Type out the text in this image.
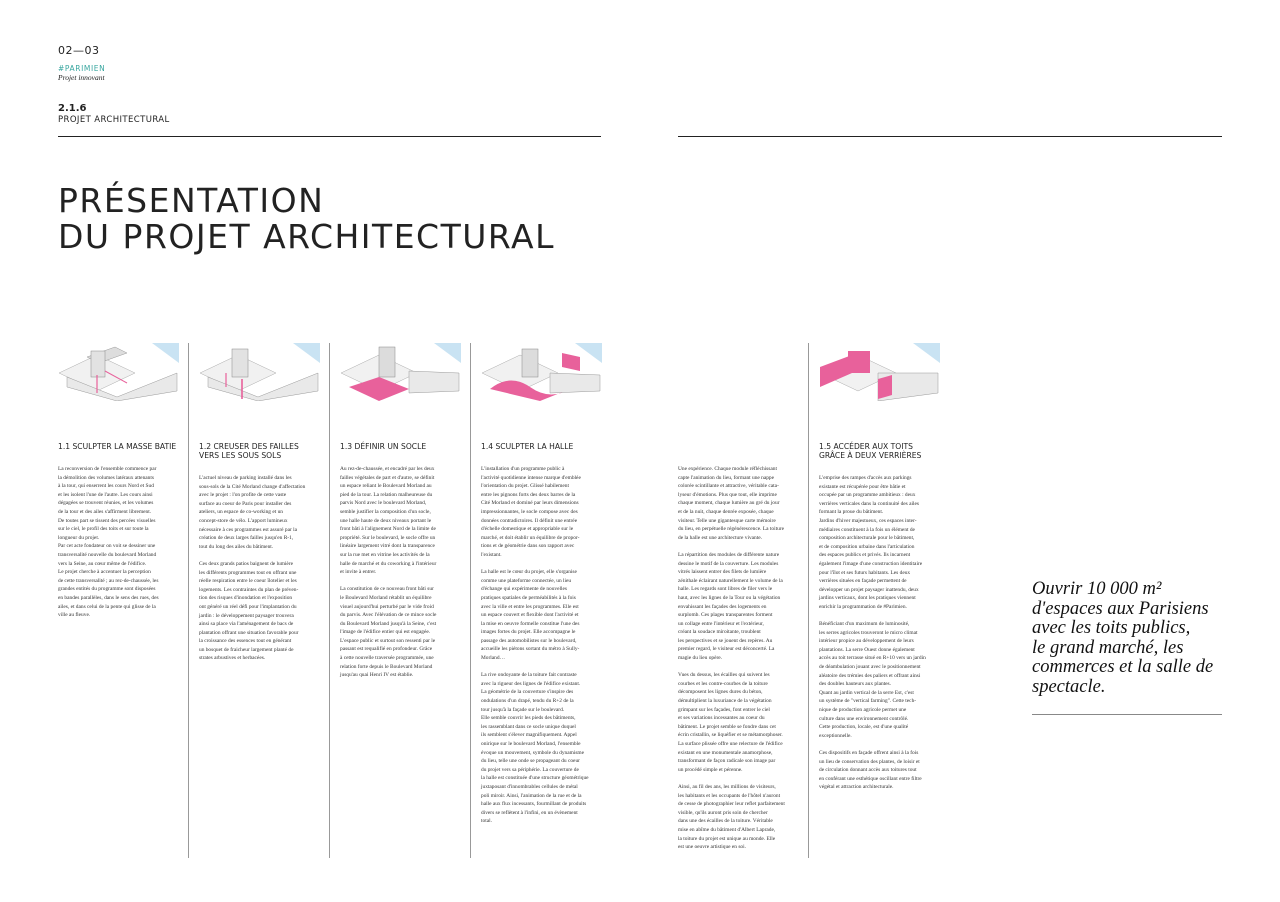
02—03
#PARIMIEN
Projet innovant
2.1.6
PROJET ARCHITECTURAL
PRÉSENTATION
DU PROJET ARCHITECTURAL
1.1 SCULPTER LA MASSE BATIE
La reconversion de l'ensemble commence par
la démolition des volumes latéraux attenants
à la tour, qui enserrent les cours Nord et Sud
et les isolent l'une de l'autre. Les cours ainsi
dégagées se trouvent réunies, et les volumes
de la tour et des ailes s'affirment librement.
De toutes part se tissent des percées visuelles
sur le ciel, le profil des toits et sur toute la
longueur du projet.
Par cet acte fondateur on voit se dessiner une
transversalité nouvelle du boulevard Morland
vers la Seine, au cœur même de l'édifice.
Le projet cherche à accentuer la perception
de cette transversalité ; au rez-de-chaussée, les
grandes entités du programme sont disposées
en bandes parallèles, dans le sens des rues, des
ailes, et dans celui de la pente qui glisse de la
ville au fleuve.
1.2 CREUSER DES FAILLES
VERS LES SOUS SOLS
L'actuel niveau de parking installé dans les
sous-sols de la Cité Morland change d'affectation
avec le projet : l'on profite de cette vaste
surface au coeur de Paris pour installer des
ateliers, un espace de co-working et un
concept-store de vélo. L'apport lumineux
nécessaire à ces programmes est assuré par la
création de deux larges failles jusqu'en R-1,
tout du long des ailes du bâtiment.

Ces deux grands patios baignent de lumière
les différents programmes tout en offrant une
réelle respiration entre le coeur îlotelier et les
logements. Les contraintes du plan de préven-
tion des risques d'inondation et l'exposition
ont généré un réel défi pour l'implantation du
jardin : le développement paysager trouvera
ainsi sa place via l'aménagement de bacs de
plantation offrant une situation favorable pour
la croissance des essences tout en générant
un bosquet de fraicheur largement planté de
strates arbustives et herbacées.
1.3 DÉFINIR UN SOCLE
Au rez-de-chaussée, et encadré par les deux
failles végétales de part et d'autre, se définit
un espace reliant le Boulevard Morland au
pied de la tour. La relation malheureuse du
parvis Nord avec le boulevard Morland,
semble justifier la composition d'un socle,
une halle haute de deux niveaux portant le
front bâti à l'alignement Nord de la limite de
propriété. Sur le boulevard, le socle offre un
linéaire largement vitré dont la transparence
sur la rue met en vitrine les activités de la
halle de marché et du coworking à l'intérieur
et invite à entrer.

La constitution de ce nouveau front bâti sur
le Boulevard Morland rétablit un équilibre
visuel aujourd'hui perturbé par le vide froid
du parvis. Avec l'élévation de ce mince socle
du Boulevard Morland jusqu'à la Seine, c'est
l'image de l'édifice entier qui est engagée.
L'espace public et surtout son ressenti par le
passant est requalifié en profondeur. Grâce
à cette nouvelle traversée programmée, une
relation forte depuis le Boulevard Morland
jusqu'au quai Henri IV est établie.
1.4 SCULPTER LA HALLE
L'installation d'un programme public à
l'activité quotidienne intense marque d'emblée
l'orientation du projet. Glissé habilement
entre les pignons forts des deux barres de la
Cité Morland et dominé par leurs dimensions
impressionnantes, le socle compose avec des
données contradictoires. Il définit une entrée
d'échelle domestique et appropriable sur le
marché, et doit établir un équilibre de propor-
tions et de géométrie dans son rapport avec
l'existant.

La halle est le cœur du projet, elle s'organise
comme une plateforme connectée, un lieu
d'échange qui expérimente de nouvelles
pratiques spatiales de perméabilités à la fois
avec la ville et entre les programmes. Elle est
un espace couvert et flexible dont l'activité et
la mise en oeuvre formelle constitue l'une des
images fortes du projet. Elle accompagne le
passage des automobilistes sur le boulevard,
accueille les piétons sortant du métro à Sully-
Morland…

La rive ondoyante de la toiture fait contraste
avec la rigueur des lignes de l'édifice existant.
La géométrie de la couverture s'inspire des
ondulations d'un drapé, tendu du R+2 de la
tour jusqu'à la façade sur le boulevard.
Elle semble couvrir les pieds des bâtiments,
les rassemblant dans ce socle unique duquel
ils semblent s'élever magnifiquement. Appel
onirique sur le boulevard Morland, l'ensemble
évoque un mouvement, symbole du dynamisme
du lieu, telle une onde se propageant du coeur
du projet vers sa périphérie. La couverture de
la halle est constituée d'une structure géométrique
juxtaposant d'innombrables cellules de métal
poli miroir. Ainsi, l'animation de la rue et de la
halle aux flux incessants, fourmillant de produits
divers se reflètent à l'infini, en un évènement
total.
Une expérience. Chaque module réfléchissant
capte l'animation du lieu, formant une nappe
colorée scintillante et attractive, véritable cata-
lyseur d'émotions. Plus que tout, elle imprime
chaque moment, chaque lumière au gré du jour
et de la nuit, chaque denrée exposée, chaque
visiteur. Telle une gigantesque carte mémoire
du lieu, en perpétuelle régénérescence. La toiture
de la halle est une architecture vivante.

La répartition des modules de différente nature
dessine le motif de la couverture. Les modules
vitrés laissent entrer des filets de lumière
zénithale éclairant naturellement le volume de la
halle. Les regards sont libres de filer vers le
haut, avec les lignes de la Tour ou la végétation
envahissant les façades des logements en
surplomb. Ces plages transparentes forment
un collage entre l'intérieur et l'extérieur,
créant la soudace miroitante, troublent
les perspectives et se jouent des repères. Au
premier regard, le visiteur est déconcerté. La
magie du lieu opère.

Vues du dessus, les écailles qui suivent les
courbes et les contre-courbes de la toiture
décomposent les lignes dures du béton,
démultiplient la luxuriance de la végétation
grimpant sur les façades, font entrer le ciel
et ses variations incessantes au coeur du
bâtiment. Le projet semble se fondre dans cet
écrin cristallin, se liquéfier et se métamorphoser.
La surface plissée offre une relecture de l'édifice
existant en une monumentale anamorphose,
transformant de façon radicale son image par
un procédé simple et pérenne.

Ainsi, au fil des ans, les millions de visiteurs,
les habitants et les occupants de l'hôtel n'auront
de cesse de photographier leur reflet parfaitement
visible, qu'ils auront pris soin de chercher
dans une des écailles de la toiture. Véritable
mise en abîme du bâtiment d'Albert Laprade,
la toiture du projet est unique au monde. Elle
est une oeuvre artistique en soi.
1.5 ACCÉDER AUX TOITS
GRÂCE À DEUX VERRIÈRES
L'emprise des rampes d'accès aux parkings
existante est récupérée pour être bâtie et
occupée par un programme ambitieux : deux
verrières verticales dans la continuité des ailes
formant la proue du bâtiment.
Jardins d'hiver majestueux, ces espaces inter-
médiaires constituent à la fois un élément de
composition architecturale pour le bâtiment,
et de composition urbaine dans l'articulation
des espaces publics et privés. Ils incarnent
également l'image d'une construction identitaire
pour l'îlot et ses futurs habitants. Les deux
verrières situées en façade permettent de
développer un projet paysager inattendu, deux
jardins verticaux, dont les pratiques viennent
enrichir la programmation de #Parimien.

Bénéficiant d'un maximum de luminosité,
les serres agricoles trouveront le micro climat
intérieur propice au développement de leurs
plantations. La serre Ouest donne également
accès au toit terrasse situé en R+10 vers un jardin
de déambulation jouant avec le positionnement
aléatoire des trémies des paliers et offrant ainsi
des doubles hauteurs aux plantes.
Quant au jardin vertical de la serre Est, c'est
un système de "vertical farming". Cette tech-
nique de production agricole permet une
culture dans une environnement contrôlé.
Cette production, locale, est d'une qualité
exceptionnelle.

Ces dispositifs en façade offrent ainsi à la fois
un lieu de conservation des plantes, de loisir et
de circulation donnant accès aux toitures tout
en conférant une esthétique oscillant entre filtre
végétal et attraction architecturale.
Ouvrir 10 000 m²
d'espaces aux Parisiens
avec les toits publics,
le grand marché, les
commerces et la salle de
spectacle.
